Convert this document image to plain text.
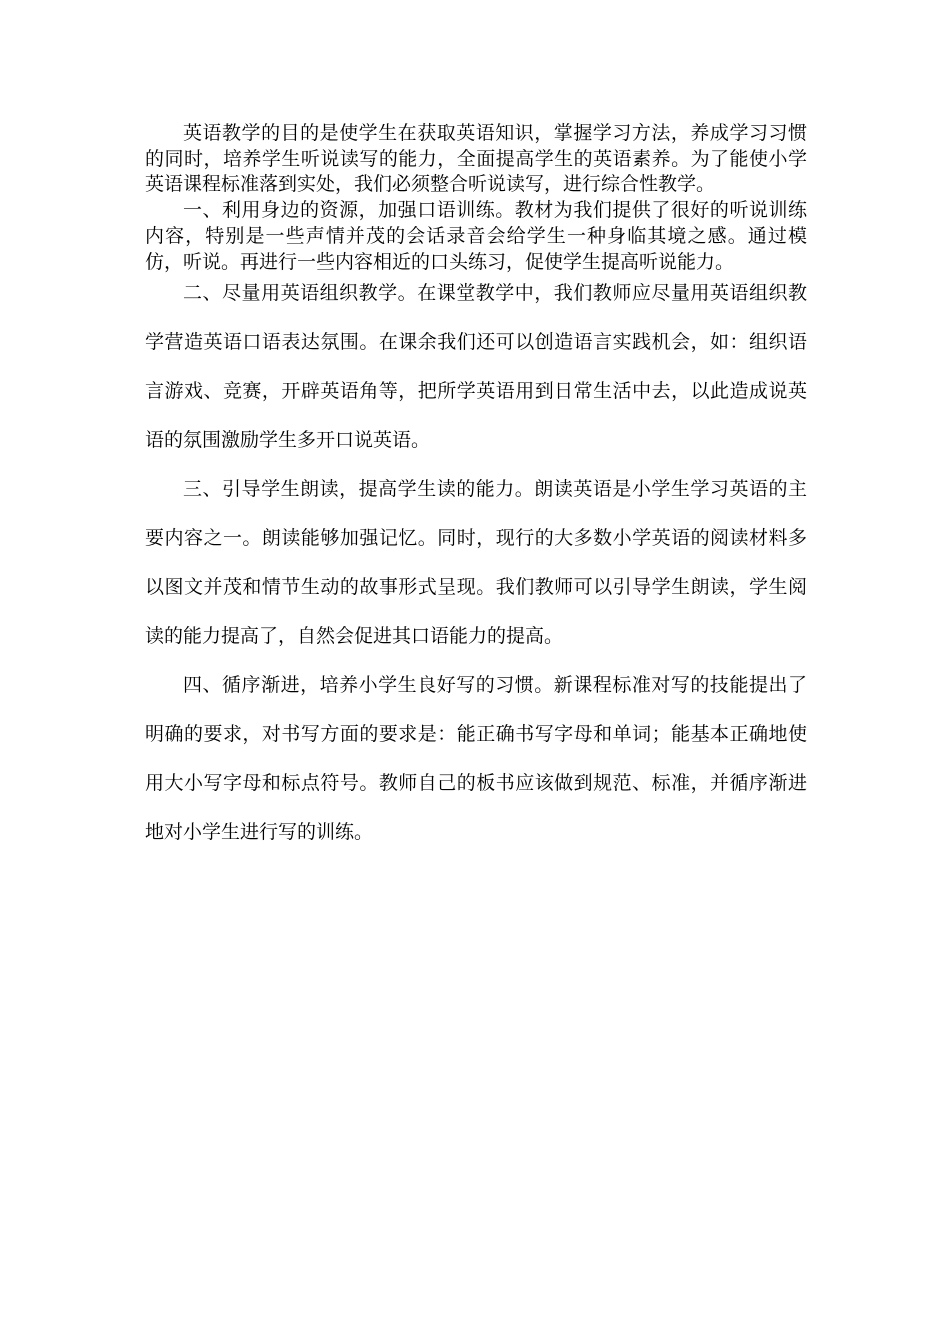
英语教学的目的是使学生在获取英语知识，掌握学习方法，养成学习习惯的同时，培养学生听说读写的能力，全面提高学生的英语素养。为了能使小学英语课程标准落到实处，我们必须整合听说读写，进行综合性教学。

一、利用身边的资源，加强口语训练。教材为我们提供了很好的听说训练内容，特别是一些声情并茂的会话录音会给学生一种身临其境之感。通过模仿，听说。再进行一些内容相近的口头练习，促使学生提高听说能力。

二、尽量用英语组织教学。在课堂教学中，我们教师应尽量用英语组织教学营造英语口语表达氛围。在课余我们还可以创造语言实践机会，如：组织语言游戏、竞赛，开辟英语角等，把所学英语用到日常生活中去，以此造成说英语的氛围激励学生多开口说英语。

三、引导学生朗读，提高学生读的能力。朗读英语是小学生学习英语的主要内容之一。朗读能够加强记忆。同时，现行的大多数小学英语的阅读材料多以图文并茂和情节生动的故事形式呈现。我们教师可以引导学生朗读，学生阅读的能力提高了，自然会促进其口语能力的提高。

四、循序渐进，培养小学生良好写的习惯。新课程标准对写的技能提出了明确的要求，对书写方面的要求是：能正确书写字母和单词；能基本正确地使用大小写字母和标点符号。教师自己的板书应该做到规范、标准，并循序渐进地对小学生进行写的训练。
